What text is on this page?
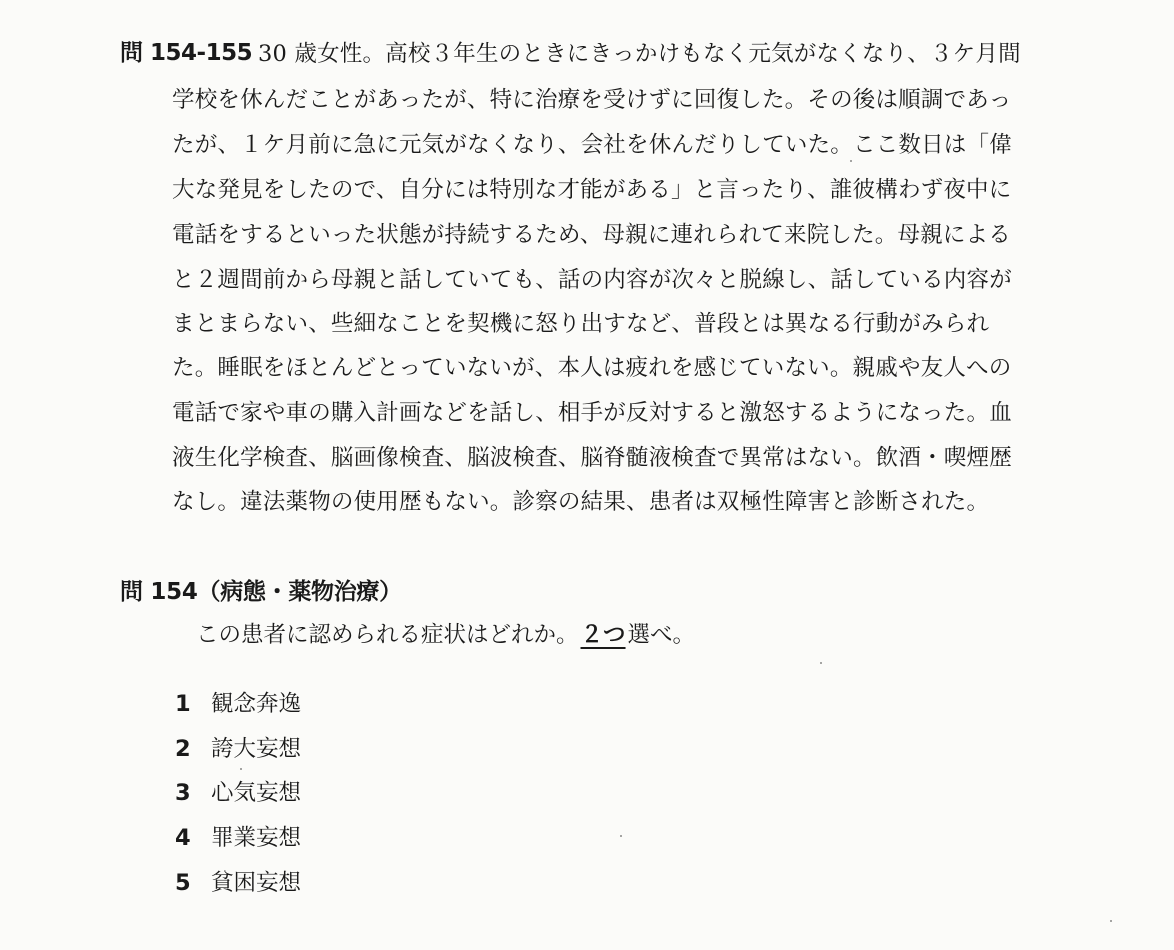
問 154-155 30 歳女性。高校３年生のときにきっかけもなく元気がなくなり、３ケ月間
学校を休んだことがあったが、特に治療を受けずに回復した。その後は順調であっ
たが、１ケ月前に急に元気がなくなり、会社を休んだりしていた。ここ数日は「偉
大な発見をしたので、自分には特別な才能がある」と言ったり、誰彼構わず夜中に
電話をするといった状態が持続するため、母親に連れられて来院した。母親による
と２週間前から母親と話していても、話の内容が次々と脱線し、話している内容が
まとまらない、些細なことを契機に怒り出すなど、普段とは異なる行動がみられ
た。睡眠をほとんどとっていないが、本人は疲れを感じていない。親戚や友人への
電話で家や車の購入計画などを話し、相手が反対すると激怒するようになった。血
液生化学検査、脳画像検査、脳波検査、脳脊髄液検査で異常はない。飲酒・喫煙歴
なし。違法薬物の使用歴もない。診察の結果、患者は双極性障害と診断された。
問 154（病態・薬物治療）
この患者に認められる症状はどれか。２つ選べ。
1 観念奔逸
2 誇大妄想
3 心気妄想
4 罪業妄想
5 貧困妄想
